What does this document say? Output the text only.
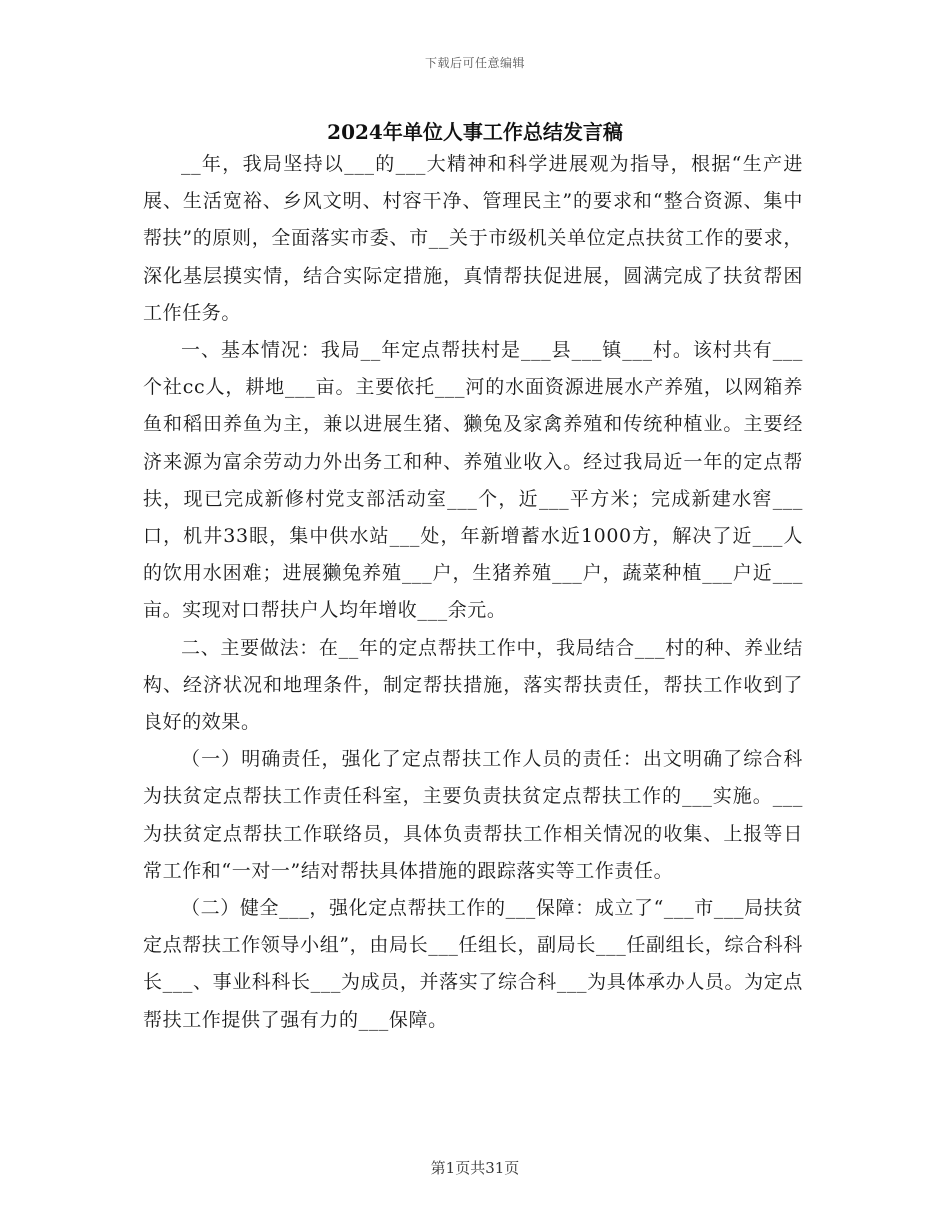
下载后可任意编辑
2024年单位人事工作总结发言稿

__年，我局坚持以___的___大精神和科学进展观为指导，根据“生产进展、生活宽裕、乡风文明、村容干净、管理民主”的要求和“整合资源、集中帮扶”的原则，全面落实市委、市__关于市级机关单位定点扶贫工作的要求，深化基层摸实情，结合实际定措施，真情帮扶促进展，圆满完成了扶贫帮困工作任务。

一、基本情况：我局__年定点帮扶村是___县___镇___村。该村共有___个社cc人，耕地___亩。主要依托___河的水面资源进展水产养殖，以网箱养鱼和稻田养鱼为主，兼以进展生猪、獭兔及家禽养殖和传统种植业。主要经济来源为富余劳动力外出务工和种、养殖业收入。经过我局近一年的定点帮扶，现已完成新修村党支部活动室___个，近___平方米；完成新建水窖___口，机井33眼，集中供水站___处，年新增蓄水近1000方，解决了近___人的饮用水困难；进展獭兔养殖___户，生猪养殖___户，蔬菜种植___户近___亩。实现对口帮扶户人均年增收___余元。

二、主要做法：在__年的定点帮扶工作中，我局结合___村的种、养业结构、经济状况和地理条件，制定帮扶措施，落实帮扶责任，帮扶工作收到了良好的效果。

（一）明确责任，强化了定点帮扶工作人员的责任：出文明确了综合科为扶贫定点帮扶工作责任科室，主要负责扶贫定点帮扶工作的___实施。___为扶贫定点帮扶工作联络员，具体负责帮扶工作相关情况的收集、上报等日常工作和“一对一”结对帮扶具体措施的跟踪落实等工作责任。

（二）健全___，强化定点帮扶工作的___保障：成立了“___市___局扶贫定点帮扶工作领导小组”，由局长___任组长，副局长___任副组长，综合科科长___、事业科科长___为成员，并落实了综合科___为具体承办人员。为定点帮扶工作提供了强有力的___保障。

第1页共31页
